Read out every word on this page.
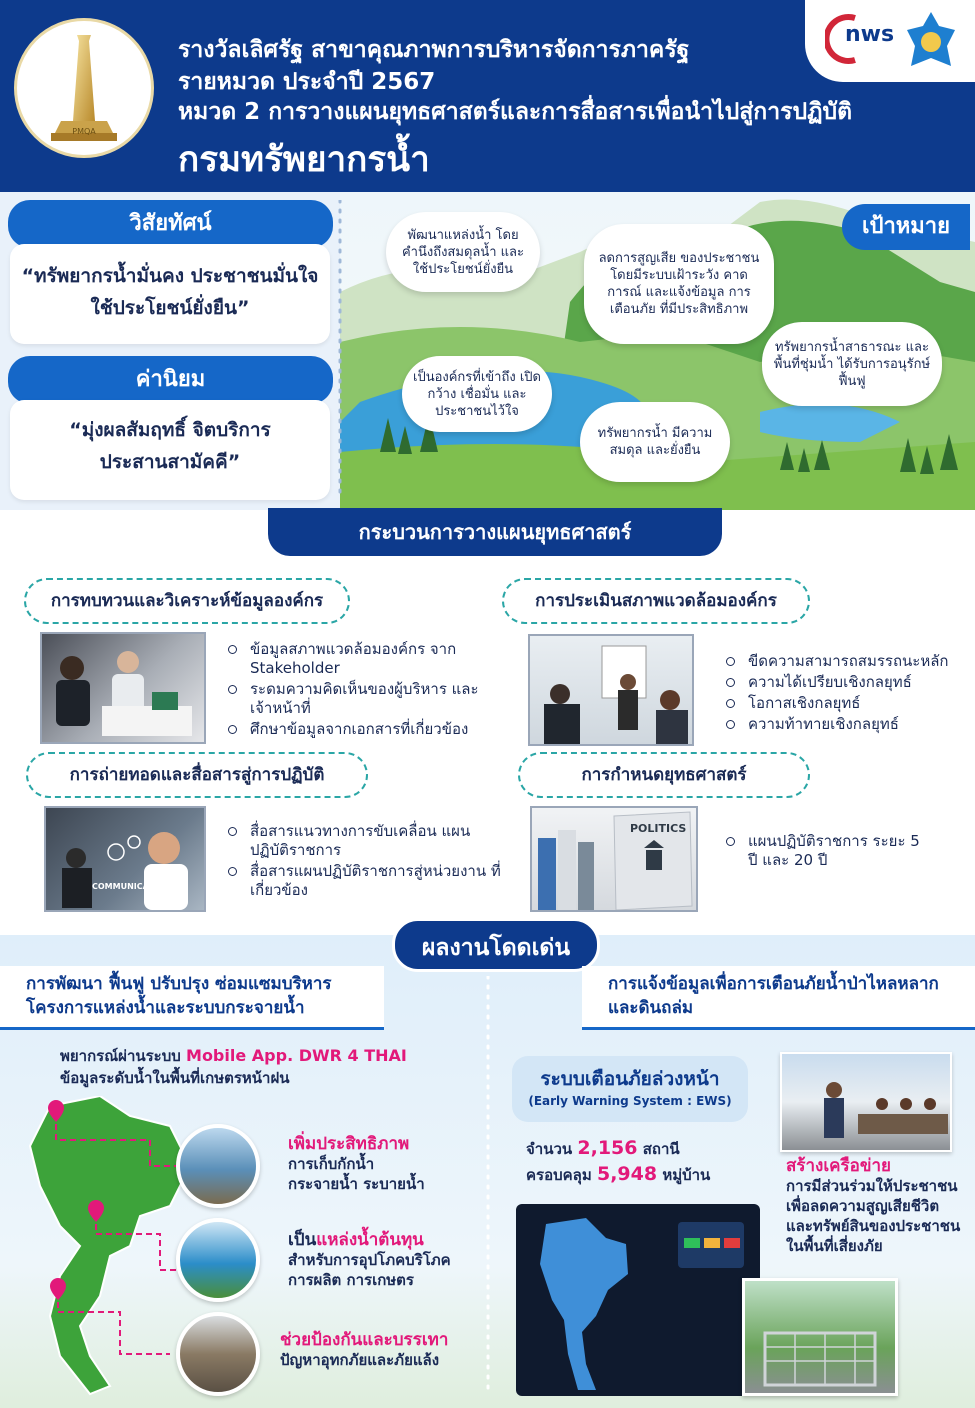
PMQA
รางวัลเลิศรัฐ สาขาคุณภาพการบริหารจัดการภาครัฐ
รายหมวด ประจำปี 2567
หมวด 2 การวางแผนยุทธศาสตร์และการสื่อสารเพื่อนำไปสู่การปฏิบัติ
กรมทรัพยากรน้ำ
nws
วิสัยทัศน์
“ทรัพยากรน้ำมั่นคง ประชาชนมั่นใจ
ใช้ประโยชน์ยั่งยืน”
ค่านิยม
“มุ่งผลสัมฤทธิ์ จิตบริการ
ประสานสามัคคี”
เป้าหมาย
พัฒนาแหล่งน้ำ โดยคำนึงถึงสมดุลน้ำ และใช้ประโยชน์ยั่งยืน
ลดการสูญเสีย ของประชาชน โดยมีระบบเฝ้าระวัง คาดการณ์ และแจ้งข้อมูล การเตือนภัย ที่มีประสิทธิภาพ
ทรัพยากรน้ำสาธารณะ และพื้นที่ชุ่มน้ำ ได้รับการอนุรักษ์ ฟื้นฟู
เป็นองค์กรที่เข้าถึง เปิดกว้าง เชื่อมั่น และประชาชนไว้ใจ
ทรัพยากรน้ำ มีความสมดุล และยั่งยืน
กระบวนการวางแผนยุทธศาสตร์
การทบทวนและวิเคราะห์ข้อมูลองค์กร
ข้อมูลสภาพแวดล้อมองค์กร จาก Stakeholder
ระดมความคิดเห็นของผู้บริหาร และเจ้าหน้าที่
ศึกษาข้อมูลจากเอกสารที่เกี่ยวข้อง
การประเมินสภาพแวดล้อมองค์กร
ขีดความสามารถสมรรถนะหลัก
ความได้เปรียบเชิงกลยุทธ์
โอกาสเชิงกลยุทธ์
ความท้าทายเชิงกลยุทธ์
การถ่ายทอดและสื่อสารสู่การปฏิบัติ
COMMUNICATION
สื่อสารแนวทางการขับเคลื่อน แผนปฏิบัติราชการ
สื่อสารแผนปฏิบัติราชการสู่หน่วยงาน ที่เกี่ยวข้อง
การกำหนดยุทธศาสตร์
POLITICS
แผนปฏิบัติราชการ ระยะ 5 ปี และ 20 ปี
ผลงานโดดเด่น
การพัฒนา ฟื้นฟู ปรับปรุง ซ่อมแซมบริหาร
โครงการแหล่งน้ำและระบบกระจายน้ำ
การแจ้งข้อมูลเพื่อการเตือนภัยน้ำป่าไหลหลาก
และดินถล่ม
พยากรณ์ผ่านระบบ Mobile App. DWR 4 THAI
ข้อมูลระดับน้ำในพื้นที่เกษตรหน้าฝน
เพิ่มประสิทธิภาพ
การเก็บกักน้ำ
กระจายน้ำ ระบายน้ำ
เป็นแหล่งน้ำต้นทุน
สำหรับการอุปโภคบริโภค
การผลิต การเกษตร
ช่วยป้องกันและบรรเทา
ปัญหาอุทกภัยและภัยแล้ง
ระบบเตือนภัยล่วงหน้า
(Early Warning System : EWS)
จำนวน 2,156 สถานี
ครอบคลุม 5,948 หมู่บ้าน	สร้างเครือข่าย
การมีส่วนร่วมให้ประชาชน
เพื่อลดความสูญเสียชีวิต
และทรัพย์สินของประชาชน
ในพื้นที่เสี่ยงภัย
